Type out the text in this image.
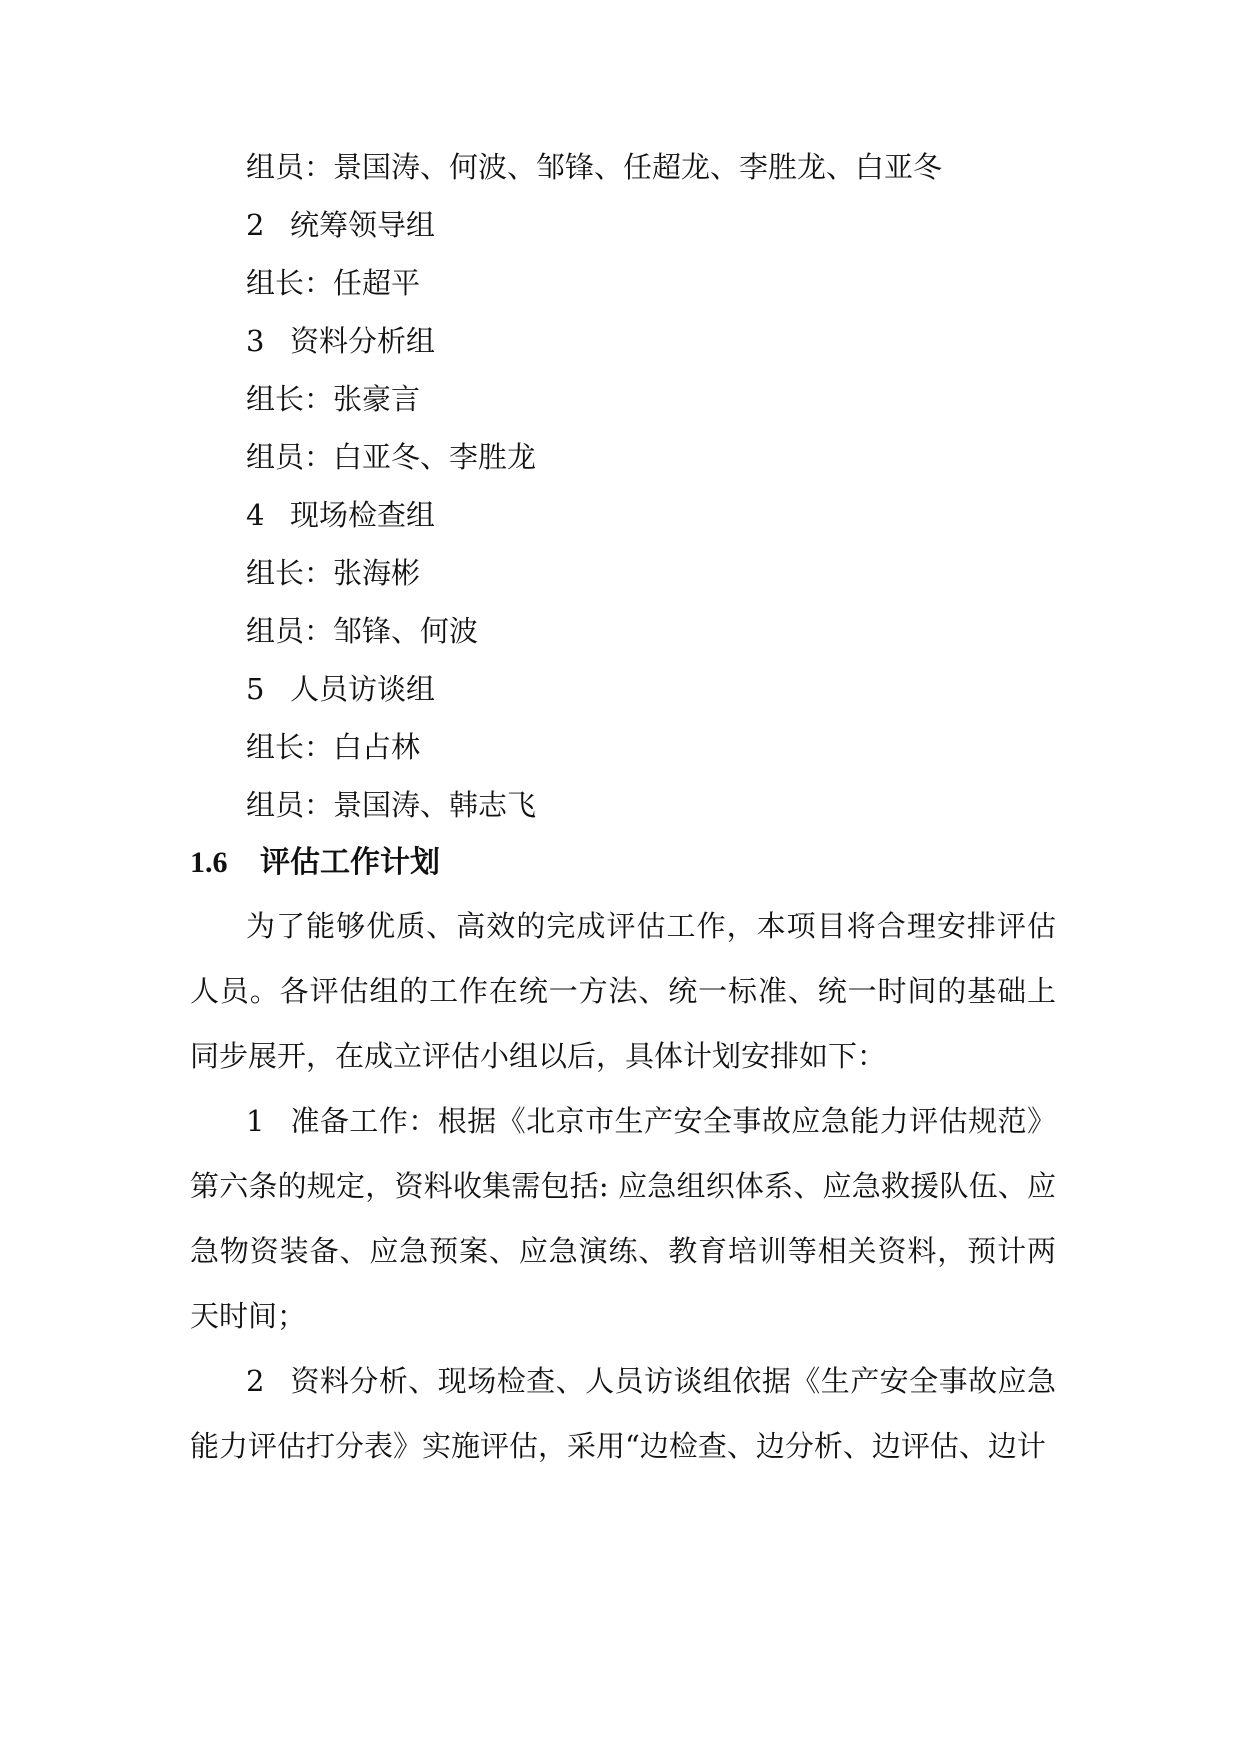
组员：景国涛、何波、邹锋、任超龙、李胜龙、白亚冬
2 统筹领导组
组长：任超平
3 资料分析组
组长：张豪言
组员：白亚冬、李胜龙
4 现场检查组
组长：张海彬
组员：邹锋、何波
5 人员访谈组
组长：白占林
组员：景国涛、韩志飞
1.6 评估工作计划
为了能够优质、高效的完成评估工作，本项目将合理安排评估人员。各评估组的工作在统一方法、统一标准、统一时间的基础上同步展开，在成立评估小组以后，具体计划安排如下：
1 准备工作：根据《北京市生产安全事故应急能力评估规范》第六条的规定，资料收集需包括: 应急组织体系、应急救援队伍、应急物资装备、应急预案、应急演练、教育培训等相关资料，预计两天时间；
2 资料分析、现场检查、人员访谈组依据《生产安全事故应急能力评估打分表》实施评估，采用“边检查、边分析、边评估、边计
